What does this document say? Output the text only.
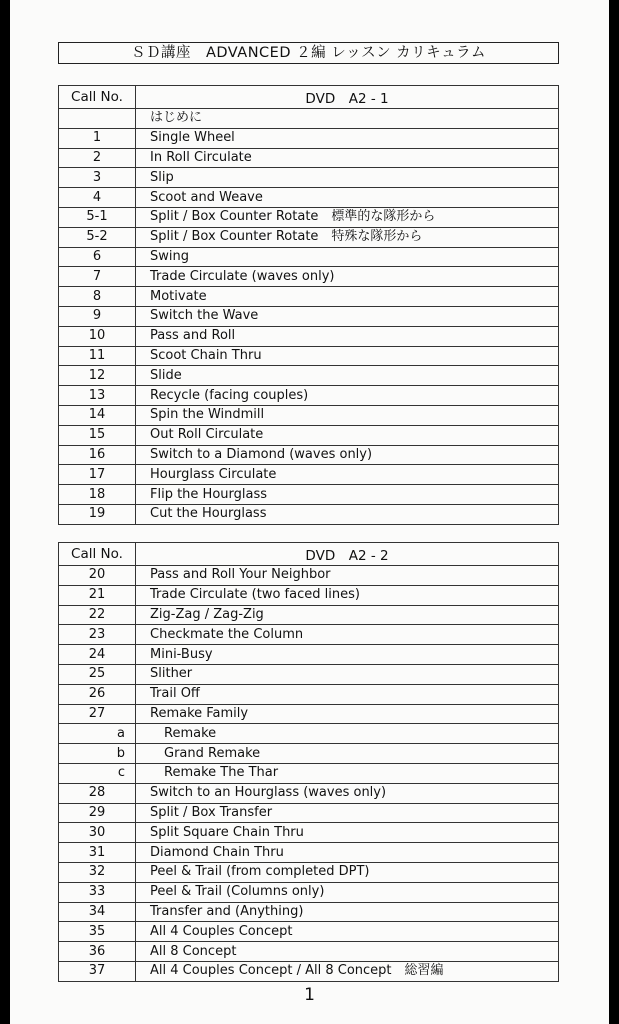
ＳＤ講座　ADVANCED ２編 レッスン カリキュラム
Call No.	DVD　A2 - 1
	はじめに
1	Single Wheel
2	In Roll Circulate
3	Slip
4	Scoot and Weave
5-1	Split / Box Counter Rotate　標準的な隊形から
5-2	Split / Box Counter Rotate　特殊な隊形から
6	Swing
7	Trade Circulate (waves only)
8	Motivate
9	Switch the Wave
10	Pass and Roll
11	Scoot Chain Thru
12	Slide
13	Recycle (facing couples)
14	Spin the Windmill
15	Out Roll Circulate
16	Switch to a Diamond (waves only)
17	Hourglass Circulate
18	Flip the Hourglass
19	Cut the Hourglass
Call No.	DVD　A2 - 2
20	Pass and Roll Your Neighbor
21	Trade Circulate (two faced lines)
22	Zig-Zag / Zag-Zig
23	Checkmate the Column
24	Mini-Busy
25	Slither
26	Trail Off
27	Remake Family
a	Remake
b	Grand Remake
c	Remake The Thar
28	Switch to an Hourglass (waves only)
29	Split / Box Transfer
30	Split Square Chain Thru
31	Diamond Chain Thru
32	Peel & Trail (from completed DPT)
33	Peel & Trail (Columns only)
34	Transfer and (Anything)
35	All 4 Couples Concept
36	All 8 Concept
37	All 4 Couples Concept / All 8 Concept　総習編
1
